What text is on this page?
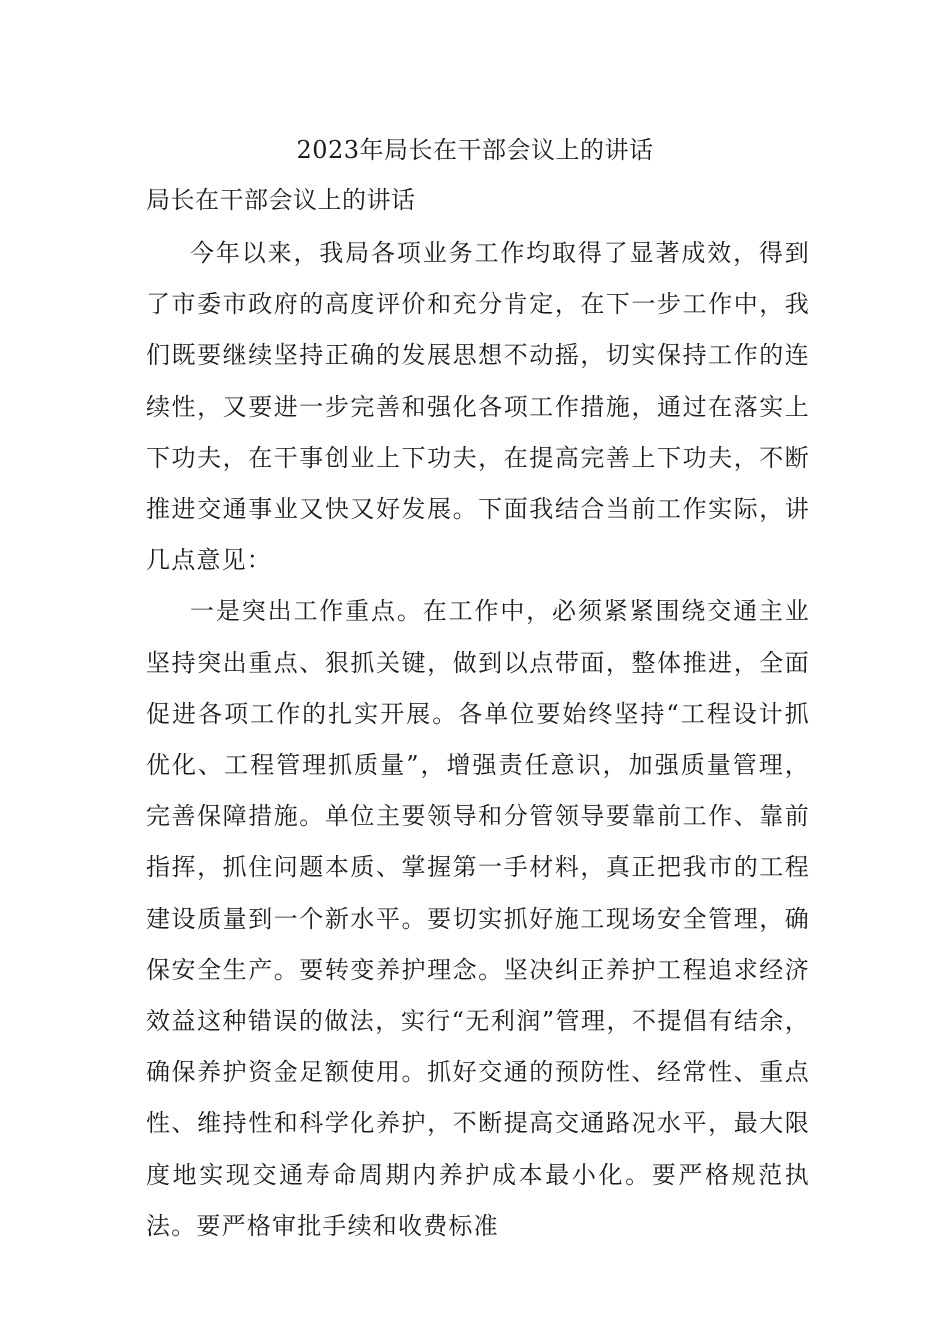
2023年局长在干部会议上的讲话
局长在干部会议上的讲话

今年以来，我局各项业务工作均取得了显著成效，得到了市委市政府的高度评价和充分肯定，在下一步工作中，我们既要继续坚持正确的发展思想不动摇，切实保持工作的连续性，又要进一步完善和强化各项工作措施，通过在落实上下功夫，在干事创业上下功夫，在提高完善上下功夫，不断推进交通事业又快又好发展。下面我结合当前工作实际，讲几点意见：

一是突出工作重点。在工作中，必须紧紧围绕交通主业坚持突出重点、狠抓关键，做到以点带面，整体推进，全面促进各项工作的扎实开展。各单位要始终坚持“工程设计抓优化、工程管理抓质量”，增强责任意识，加强质量管理，完善保障措施。单位主要领导和分管领导要靠前工作、靠前指挥，抓住问题本质、掌握第一手材料，真正把我市的工程建设质量到一个新水平。要切实抓好施工现场安全管理，确保安全生产。要转变养护理念。坚决纠正养护工程追求经济效益这种错误的做法，实行“无利润”管理，不提倡有结余，确保养护资金足额使用。抓好交通的预防性、经常性、重点性、维持性和科学化养护，不断提高交通路况水平，最大限度地实现交通寿命周期内养护成本最小化。要严格规范执法。要严格审批手续和收费标准
